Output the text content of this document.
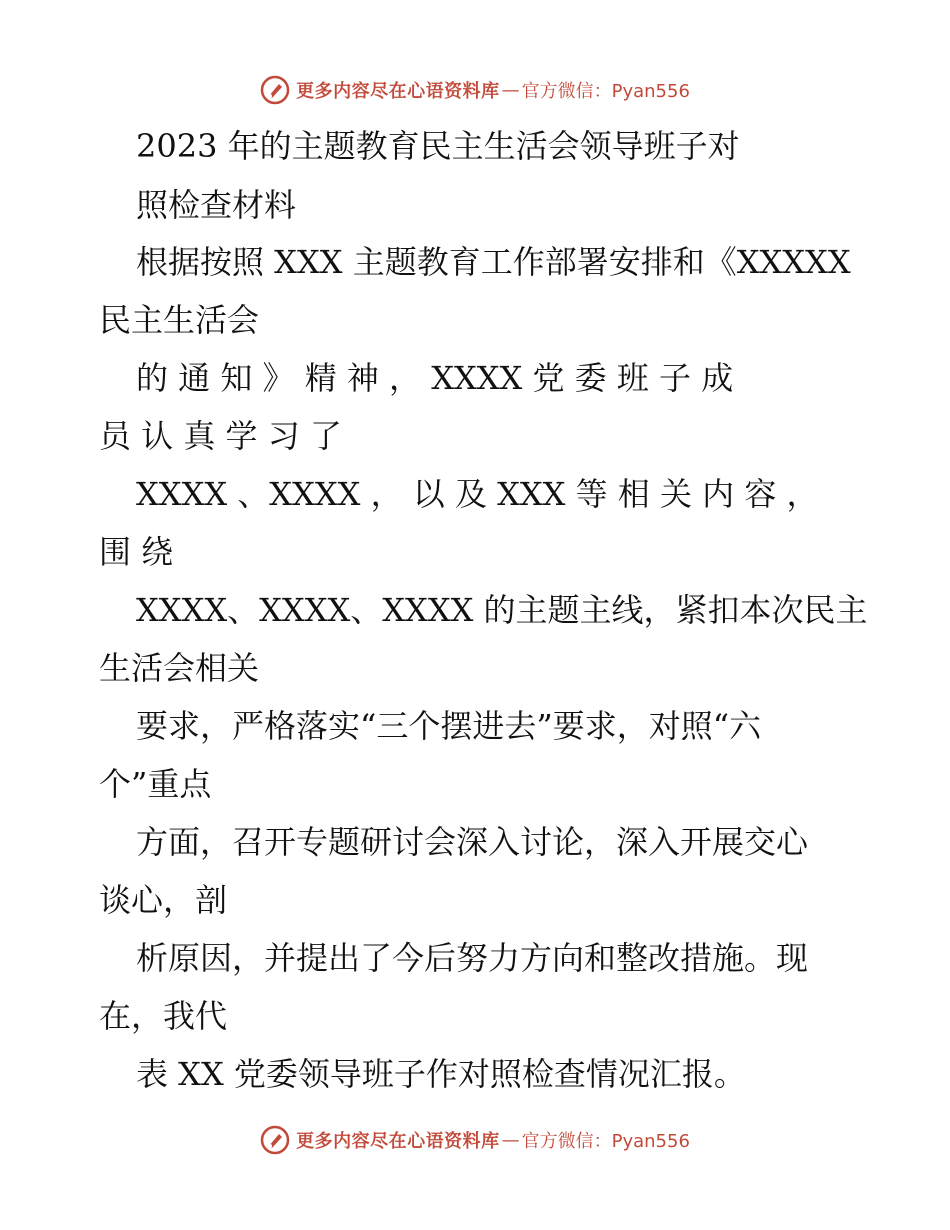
更多内容尽在心语资料库 — 官方微信：Pyan556
2023 年的主题教育民主生活会领导班子对
照检查材料
根据按照 XXX 主题教育工作部署安排和《XXXXX
民主生活会
的 通 知 》 精 神 ， XXXX 党 委 班 子 成
员 认 真 学 习 了
XXXX 、XXXX ， 以 及 XXX 等 相 关 内 容 ，
围 绕
XXXX、XXXX、XXXX 的主题主线，紧扣本次民主
生活会相关
要求，严格落实“三个摆进去”要求，对照“六
个”重点
方面，召开专题研讨会深入讨论，深入开展交心
谈心，剖
析原因，并提出了今后努力方向和整改措施。现
在，我代
表 XX 党委领导班子作对照检查情况汇报。
更多内容尽在心语资料库 — 官方微信：Pyan556
